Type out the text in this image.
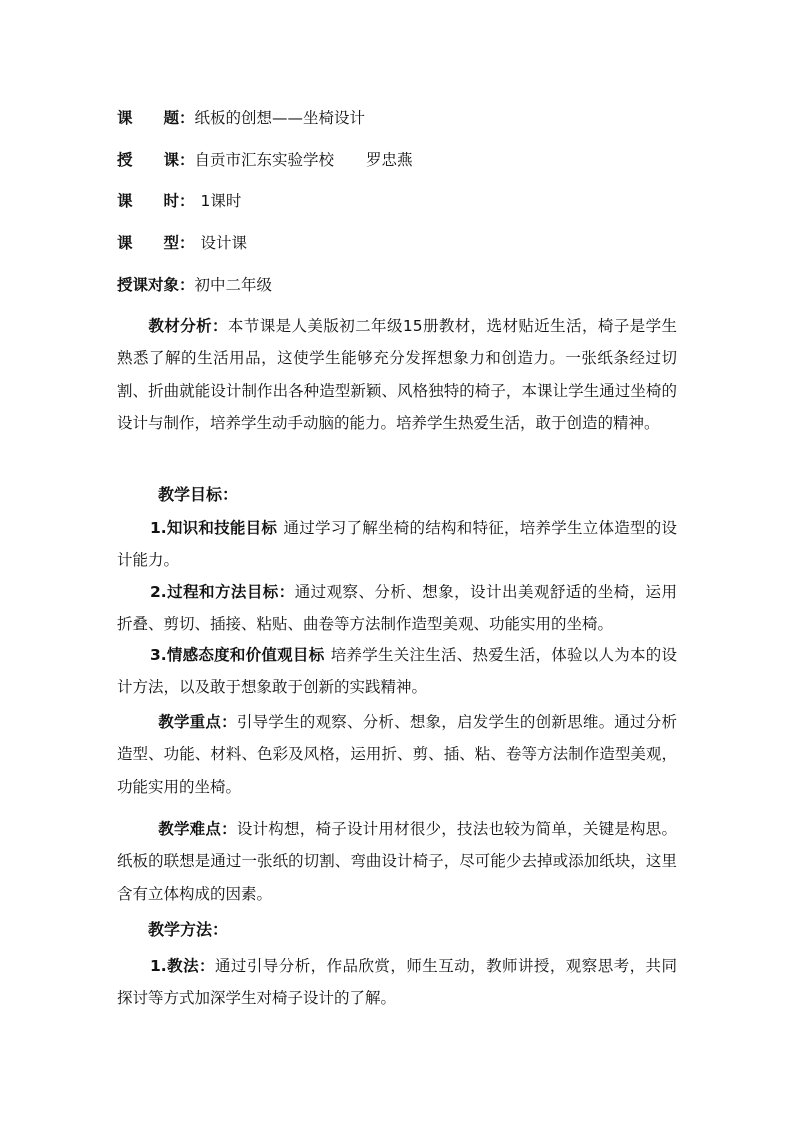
课　　题：纸板的创想——坐椅设计
授　　课：自贡市汇东实验学校 罗忠燕
课　　时： 1课时
课　　型： 设计课
授课对象：初中二年级
教材分析：本节课是人美版初二年级15册教材，选材贴近生活，椅子是学生熟悉了解的生活用品，这使学生能够充分发挥想象力和创造力。一张纸条经过切割、折曲就能设计制作出各种造型新颖、风格独特的椅子，本课让学生通过坐椅的设计与制作，培养学生动手动脑的能力。培养学生热爱生活，敢于创造的精神。
教学目标：
1.知识和技能目标 通过学习了解坐椅的结构和特征，培养学生立体造型的设计能力。
2.过程和方法目标：通过观察、分析、想象，设计出美观舒适的坐椅，运用折叠、剪切、插接、粘贴、曲卷等方法制作造型美观、功能实用的坐椅。
3.情感态度和价值观目标 培养学生关注生活、热爱生活，体验以人为本的设计方法，以及敢于想象敢于创新的实践精神。
教学重点：引导学生的观察、分析、想象，启发学生的创新思维。通过分析造型、功能、材料、色彩及风格，运用折、剪、插、粘、卷等方法制作造型美观，功能实用的坐椅。
教学难点：设计构想，椅子设计用材很少，技法也较为简单，关键是构思。纸板的联想是通过一张纸的切割、弯曲设计椅子，尽可能少去掉或添加纸块，这里含有立体构成的因素。
教学方法：
1.教法：通过引导分析，作品欣赏，师生互动，教师讲授，观察思考，共同探讨等方式加深学生对椅子设计的了解。
